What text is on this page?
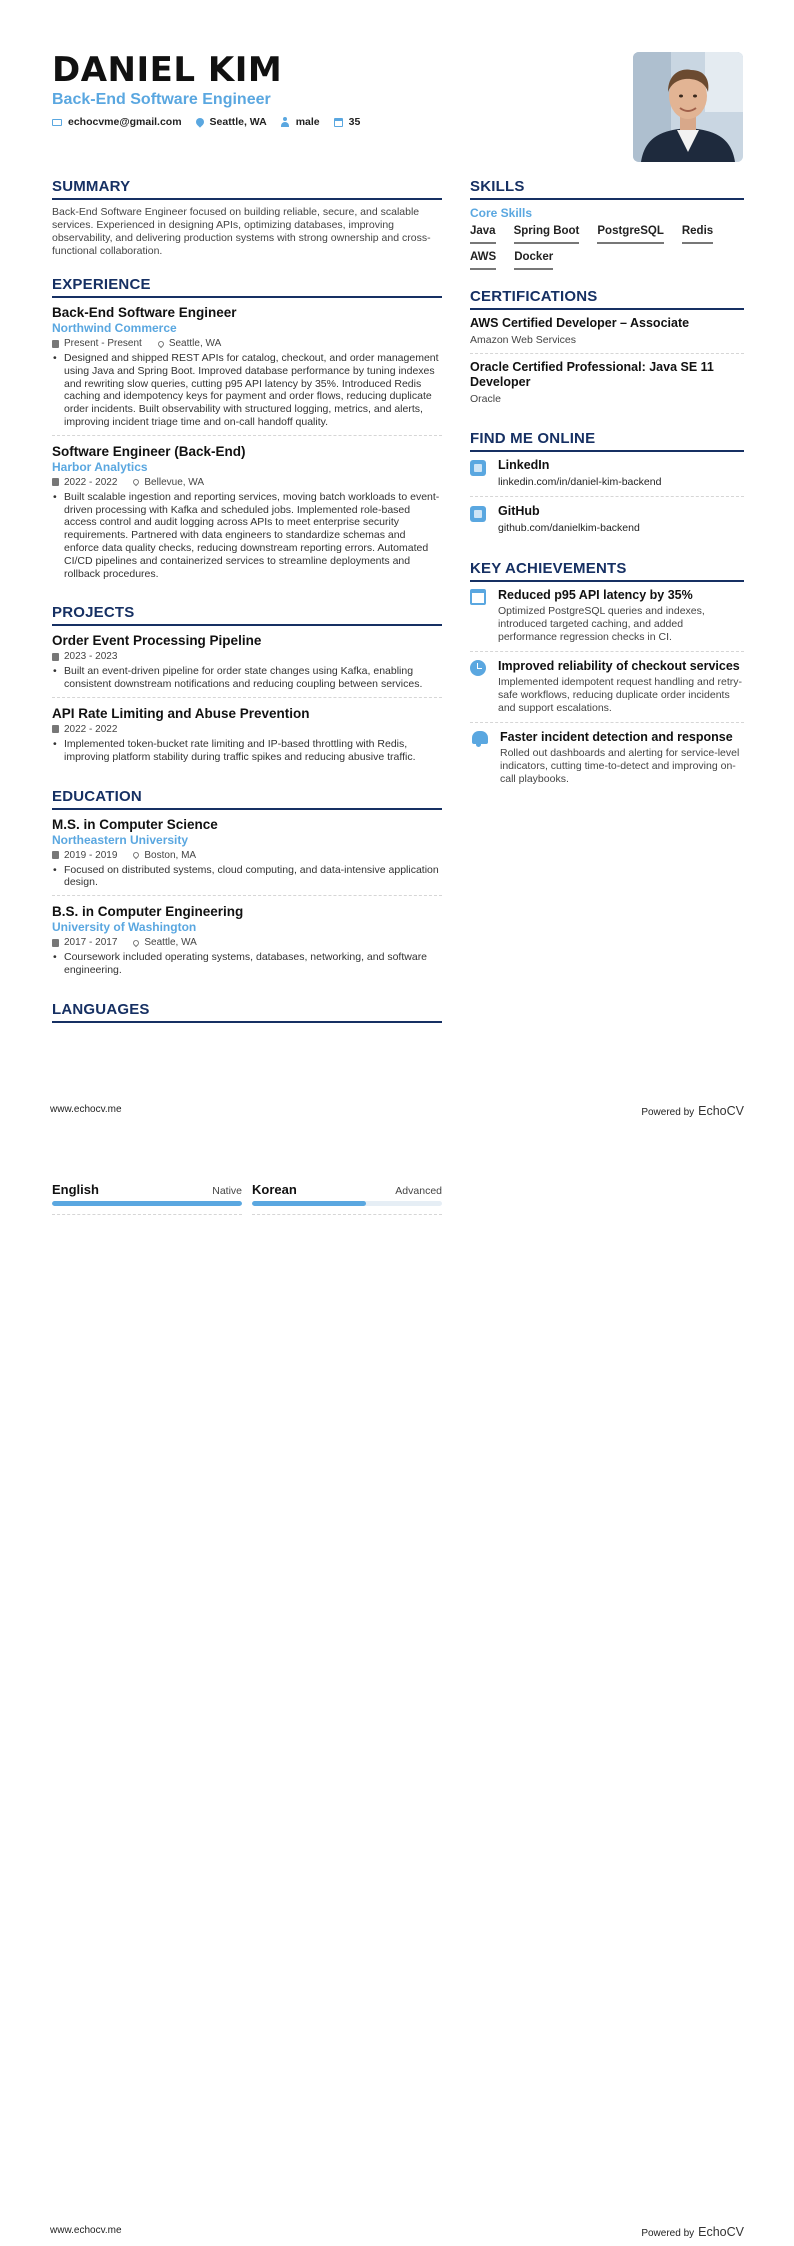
DANIEL KIM
Back-End Software Engineer
echocvme@gmail.com	Seattle, WA	male	35
SUMMARY
Back-End Software Engineer focused on building reliable, secure, and scalable services. Experienced in designing APIs, optimizing databases, improving observability, and delivering production systems with strong ownership and cross-functional collaboration.
EXPERIENCE
Back-End Software Engineer
Northwind Commerce
Present - Present	Seattle, WA
• Designed and shipped REST APIs for catalog, checkout, and order management using Java and Spring Boot. Improved database performance by tuning indexes and rewriting slow queries, cutting p95 API latency by 35%. Introduced Redis caching and idempotency keys for payment and order flows, reducing duplicate order incidents. Built observability with structured logging, metrics, and alerts, improving incident triage time and on-call handoff quality.
Software Engineer (Back-End)
Harbor Analytics
2022 - 2022	Bellevue, WA
• Built scalable ingestion and reporting services, moving batch workloads to event-driven processing with Kafka and scheduled jobs. Implemented role-based access control and audit logging across APIs to meet enterprise security requirements. Partnered with data engineers to standardize schemas and enforce data quality checks, reducing downstream reporting errors. Automated CI/CD pipelines and containerized services to streamline deployments and rollback procedures.
PROJECTS
Order Event Processing Pipeline
2023 - 2023
• Built an event-driven pipeline for order state changes using Kafka, enabling consistent downstream notifications and reducing coupling between services.
API Rate Limiting and Abuse Prevention
2022 - 2022
• Implemented token-bucket rate limiting and IP-based throttling with Redis, improving platform stability during traffic spikes and reducing abusive traffic.
EDUCATION
M.S. in Computer Science
Northeastern University
2019 - 2019	Boston, MA
• Focused on distributed systems, cloud computing, and data-intensive application design.
B.S. in Computer Engineering
University of Washington
2017 - 2017	Seattle, WA
• Coursework included operating systems, databases, networking, and software engineering.
LANGUAGES
SKILLS
Core Skills
Java Spring Boot PostgreSQL Redis
AWS Docker
CERTIFICATIONS
AWS Certified Developer – Associate
Amazon Web Services
Oracle Certified Professional: Java SE 11 Developer
Oracle
FIND ME ONLINE
LinkedIn
linkedin.com/in/daniel-kim-backend
GitHub
github.com/danielkim-backend
KEY ACHIEVEMENTS
Reduced p95 API latency by 35%
Optimized PostgreSQL queries and indexes, introduced targeted caching, and added performance regression checks in CI.
Improved reliability of checkout services
Implemented idempotent request handling and retry-safe workflows, reducing duplicate order incidents and support escalations.
Faster incident detection and response
Rolled out dashboards and alerting for service-level indicators, cutting time-to-detect and improving on-call playbooks.
www.echocv.me	Powered by EchoCV
www.echocv.me	Powered by EchoCV
English	Native Korean	Advanced
